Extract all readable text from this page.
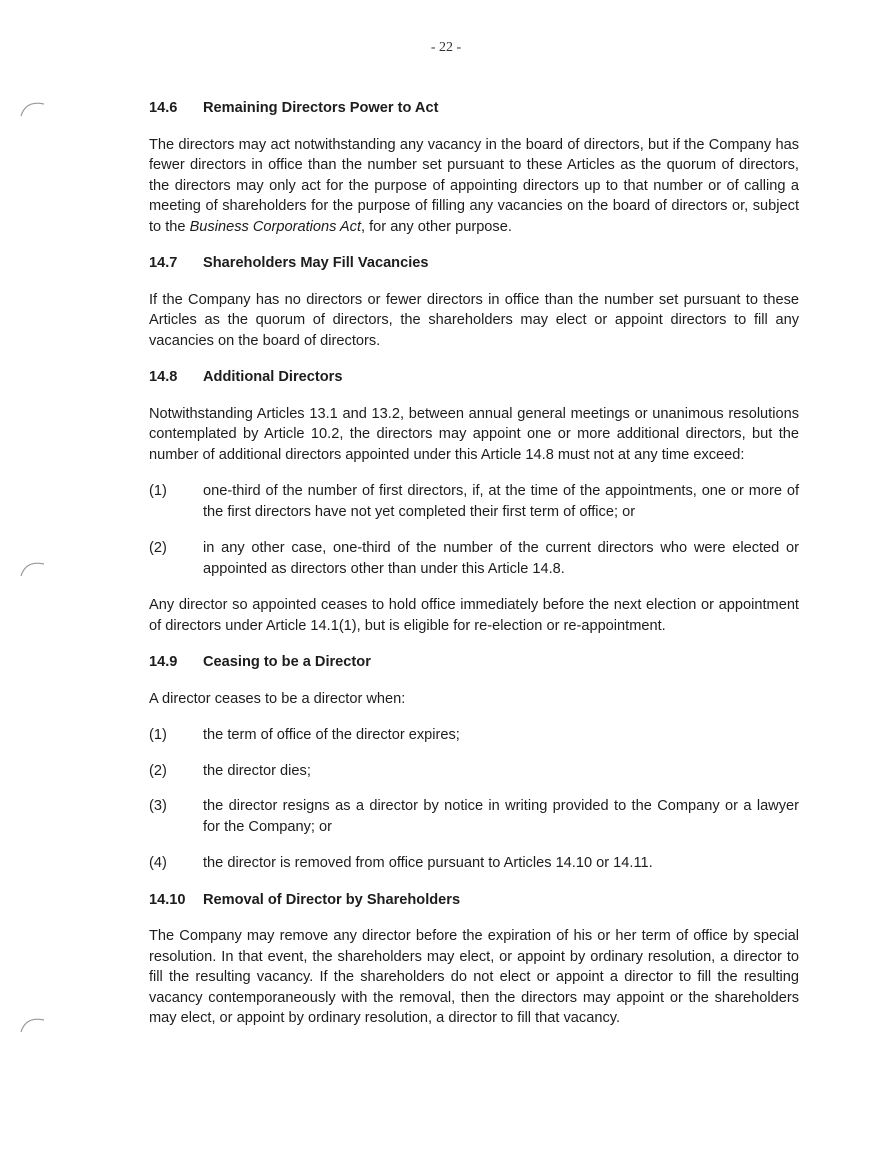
- 22 -
14.6	Remaining Directors Power to Act

The directors may act notwithstanding any vacancy in the board of directors, but if the Company has fewer directors in office than the number set pursuant to these Articles as the quorum of directors, the directors may only act for the purpose of appointing directors up to that number or of calling a meeting of shareholders for the purpose of filling any vacancies on the board of directors or, subject to the Business Corporations Act, for any other purpose.

14.7	Shareholders May Fill Vacancies

If the Company has no directors or fewer directors in office than the number set pursuant to these Articles as the quorum of directors, the shareholders may elect or appoint directors to fill any vacancies on the board of directors.

14.8	Additional Directors

Notwithstanding Articles 13.1 and 13.2, between annual general meetings or unanimous resolutions contemplated by Article 10.2, the directors may appoint one or more additional directors, but the number of additional directors appointed under this Article 14.8 must not at any time exceed:

(1)	one-third of the number of first directors, if, at the time of the appointments, one or more of the first directors have not yet completed their first term of office; or
(2)	in any other case, one-third of the number of the current directors who were elected or appointed as directors other than under this Article 14.8.

Any director so appointed ceases to hold office immediately before the next election or appointment of directors under Article 14.1(1), but is eligible for re-election or re-appointment.

14.9	Ceasing to be a Director

A director ceases to be a director when:

(1)	the term of office of the director expires;
(2)	the director dies;
(3)	the director resigns as a director by notice in writing provided to the Company or a lawyer for the Company; or
(4)	the director is removed from office pursuant to Articles 14.10 or 14.11.
14.10	Removal of Director by Shareholders

The Company may remove any director before the expiration of his or her term of office by special resolution. In that event, the shareholders may elect, or appoint by ordinary resolution, a director to fill the resulting vacancy. If the shareholders do not elect or appoint a director to fill the resulting vacancy contemporaneously with the removal, then the directors may appoint or the shareholders may elect, or appoint by ordinary resolution, a director to fill that vacancy.
